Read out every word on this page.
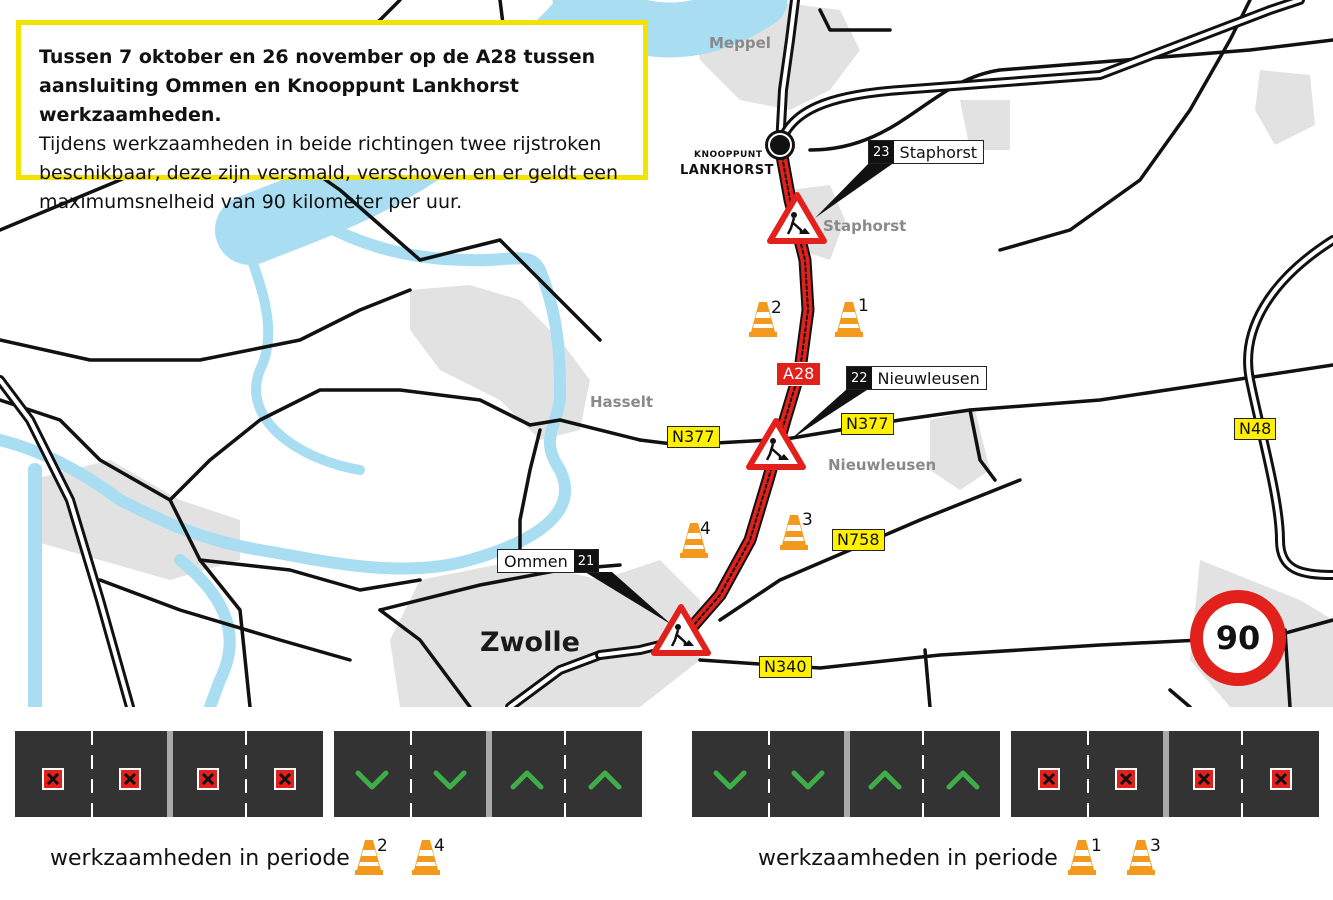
Meppel
Staphorst
Hasselt
Nieuwleusen
Zwolle
KNOOPPUNT
LANKHORST
23 Staphorst
22 Nieuwleusen
Ommen 21
A28
N377
N377	N48
N758
N340
2	1
3
4
90
Tussen 7 oktober en 26 november op de A28 tussen aansluiting Ommen en Knooppunt Lankhorst werkzaamheden.
Tijdens werkzaamheden in beide richtingen twee rijstroken beschikbaar, deze zijn versmald, verschoven en er geldt een maximumsnelheid van 90 kilometer per uur.
werkzaamheden in periode 2	4	werkzaamheden in periode 1	3
